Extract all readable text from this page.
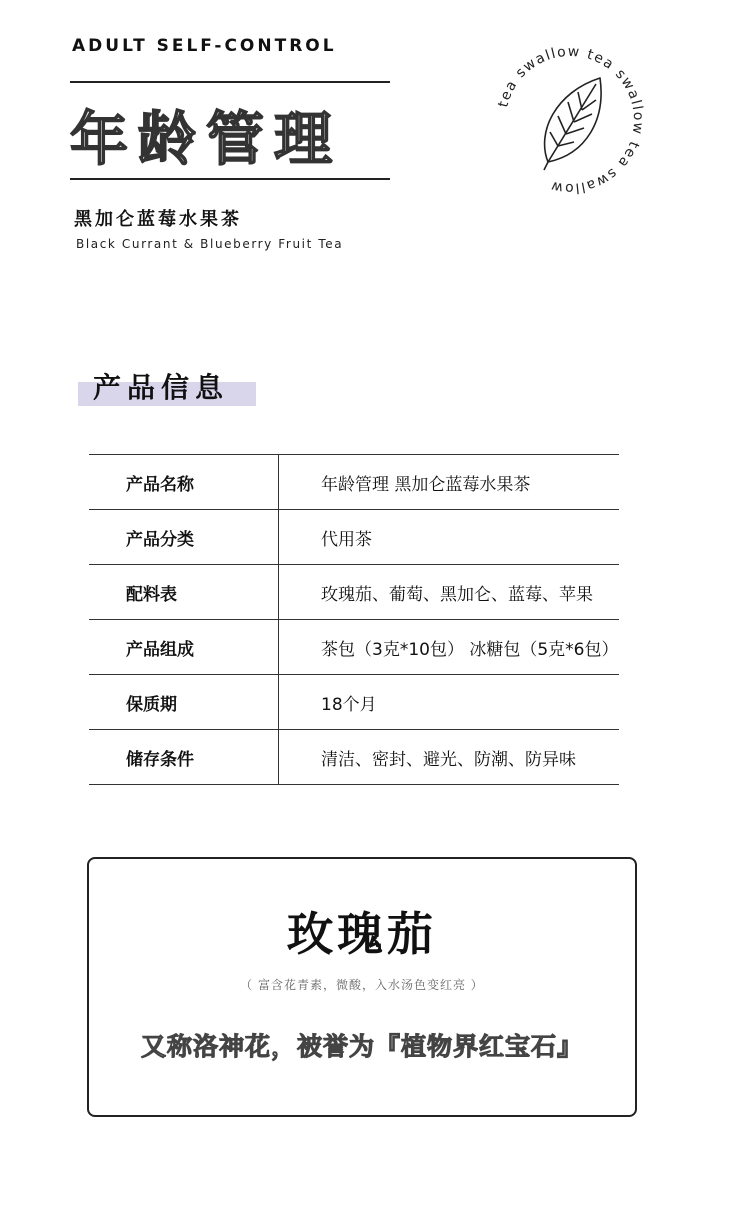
ADULT SELF-CONTROL
年龄管理
黑加仑蓝莓水果茶
Black Currant & Blueberry Fruit Tea
tea swallow tea swallow tea swallow
产品信息
产品名称	年龄管理 黑加仑蓝莓水果茶
产品分类	代用茶
配料表	玫瑰茄、葡萄、黑加仑、蓝莓、苹果
产品组成	茶包（3克*10包） 冰糖包（5克*6包）
保质期	18个月
储存条件	清洁、密封、避光、防潮、防异味
玫瑰茄
（ 富含花青素，微酸，入水汤色变红亮 ）
又称洛神花，被誉为『植物界红宝石』
